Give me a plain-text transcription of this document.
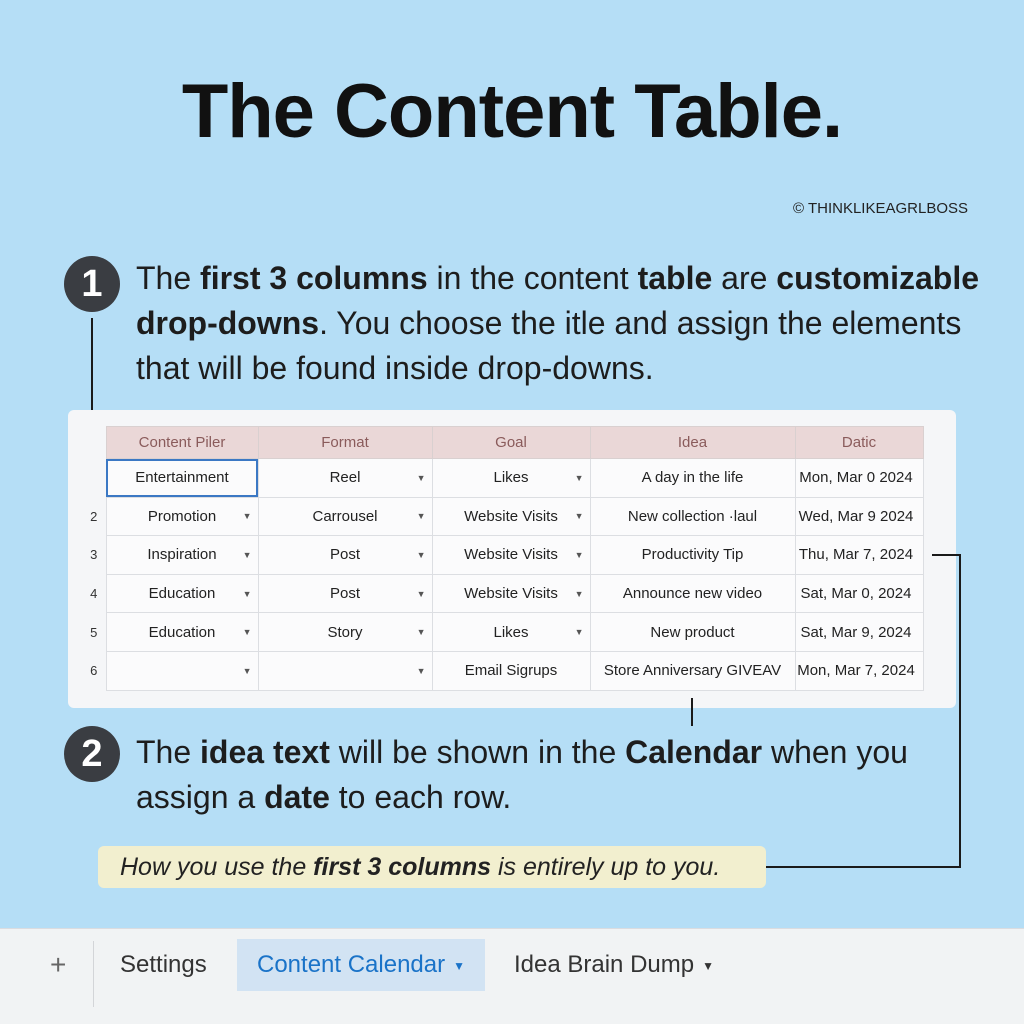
The Content Table.
© THINKLIKEAGRLBOSS
1	The first 3 columns in the content table are customizable drop-downs. You choose the itle and assign the elements that will be found inside drop-downs.
	Content Piler	Format	Goal	Idea	Datic
	Entertainment	Reel ▼	Likes ▼	A day in the life	Mon, Mar 0 2024
2	Promotion ▼	Carrousel ▼	Website Visits ▼	New collection ·laul	Wed, Mar 9 2024
3	Inspiration ▼	Post ▼	Website Visits ▼	Productivity Tip	Thu, Mar 7, 2024
4	Education ▼	Post ▼	Website Visits ▼	Announce new video	Sat, Mar 0, 2024
5	Education ▼	Story ▼	Likes ▼	New product	Sat, Mar 9, 2024
6	▼	▼	Email Sigrups	Store Anniversary GIVEAV	Mon, Mar 7, 2024
2	The idea text will be shown in the Calendar when you assign a date to each row.
How you use the first 3 columns is entirely up to you.
+	Settings	Content Calendar ▼	Idea Brain Dump ▼
